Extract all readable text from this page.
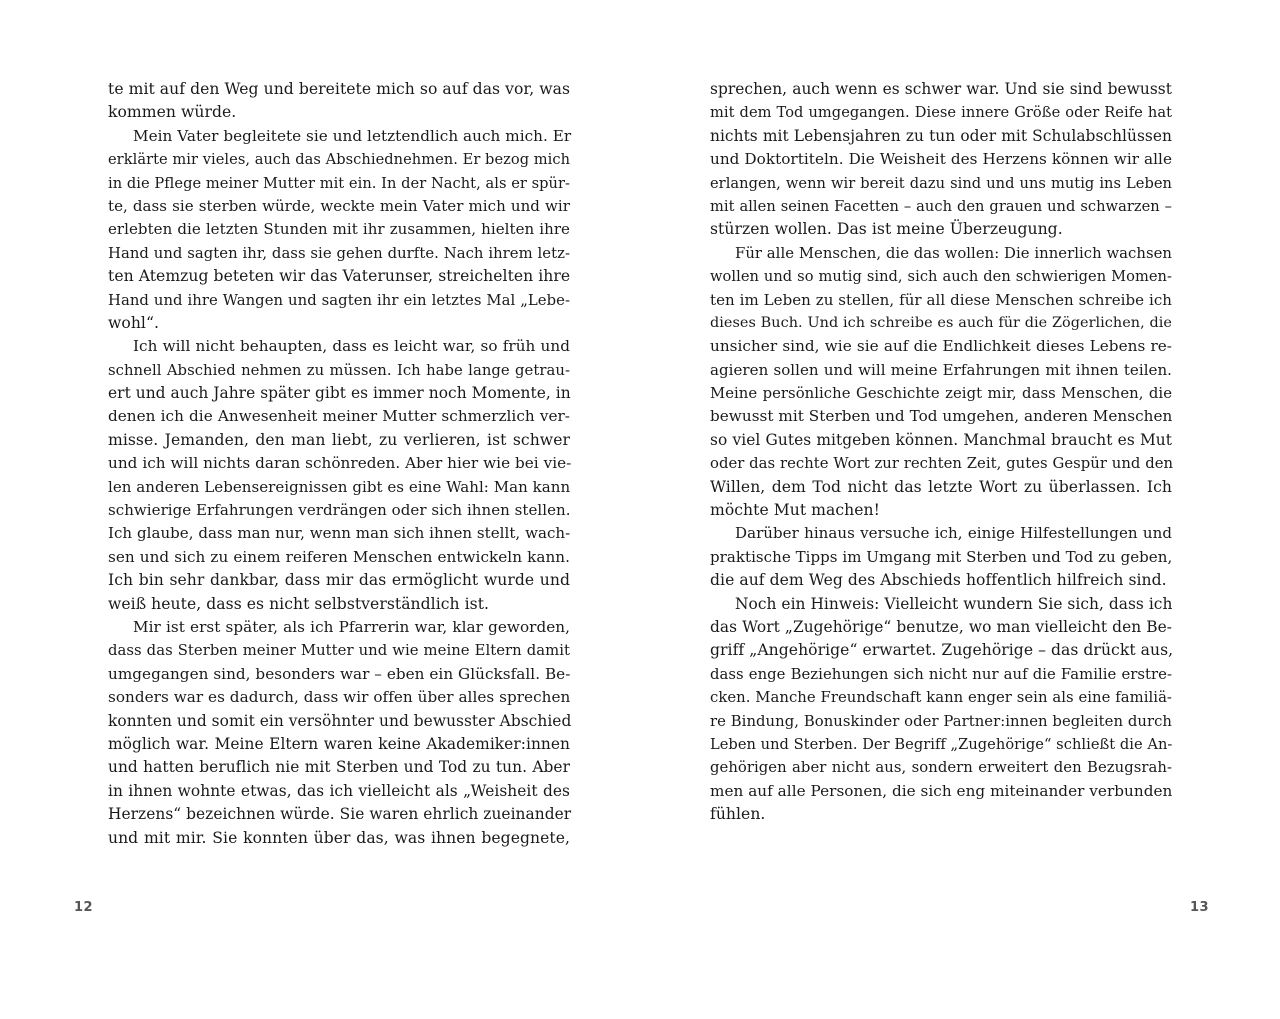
te mit auf den Weg und bereitete mich so auf das vor, was
kommen würde.
Mein Vater begleitete sie und letztendlich auch mich. Er
erklärte mir vieles, auch das Abschiednehmen. Er bezog mich
in die Pflege meiner Mutter mit ein. In der Nacht, als er spür-
te, dass sie sterben würde, weckte mein Vater mich und wir
erlebten die letzten Stunden mit ihr zusammen, hielten ihre
Hand und sagten ihr, dass sie gehen durfte. Nach ihrem letz-
ten Atemzug beteten wir das Vaterunser, streichelten ihre
Hand und ihre Wangen und sagten ihr ein letztes Mal „Lebe-
wohl“.
Ich will nicht behaupten, dass es leicht war, so früh und
schnell Abschied nehmen zu müssen. Ich habe lange getrau-
ert und auch Jahre später gibt es immer noch Momente, in
denen ich die Anwesenheit meiner Mutter schmerzlich ver-
misse. Jemanden, den man liebt, zu verlieren, ist schwer
und ich will nichts daran schönreden. Aber hier wie bei vie-
len anderen Lebensereignissen gibt es eine Wahl: Man kann
schwierige Erfahrungen verdrängen oder sich ihnen stellen.
Ich glaube, dass man nur, wenn man sich ihnen stellt, wach-
sen und sich zu einem reiferen Menschen entwickeln kann.
Ich bin sehr dankbar, dass mir das ermöglicht wurde und
weiß heute, dass es nicht selbstverständlich ist.
Mir ist erst später, als ich Pfarrerin war, klar geworden,
dass das Sterben meiner Mutter und wie meine Eltern damit
umgegangen sind, besonders war – eben ein Glücksfall. Be-
sonders war es dadurch, dass wir offen über alles sprechen
konnten und somit ein versöhnter und bewusster Abschied
möglich war. Meine Eltern waren keine Akademiker:innen
und hatten beruflich nie mit Sterben und Tod zu tun. Aber
in ihnen wohnte etwas, das ich vielleicht als „Weisheit des
Herzens“ bezeichnen würde. Sie waren ehrlich zueinander
und mit mir. Sie konnten über das, was ihnen begegnete,
sprechen, auch wenn es schwer war. Und sie sind bewusst
mit dem Tod umgegangen. Diese innere Größe oder Reife hat
nichts mit Lebensjahren zu tun oder mit Schulabschlüssen
und Doktortiteln. Die Weisheit des Herzens können wir alle
erlangen, wenn wir bereit dazu sind und uns mutig ins Leben
mit allen seinen Facetten – auch den grauen und schwarzen –
stürzen wollen. Das ist meine Überzeugung.
Für alle Menschen, die das wollen: Die innerlich wachsen
wollen und so mutig sind, sich auch den schwierigen Momen-
ten im Leben zu stellen, für all diese Menschen schreibe ich
dieses Buch. Und ich schreibe es auch für die Zögerlichen, die
unsicher sind, wie sie auf die Endlichkeit dieses Lebens re-
agieren sollen und will meine Erfahrungen mit ihnen teilen.
Meine persönliche Geschichte zeigt mir, dass Menschen, die
bewusst mit Sterben und Tod umgehen, anderen Menschen
so viel Gutes mitgeben können. Manchmal braucht es Mut
oder das rechte Wort zur rechten Zeit, gutes Gespür und den
Willen, dem Tod nicht das letzte Wort zu überlassen. Ich
möchte Mut machen!
Darüber hinaus versuche ich, einige Hilfestellungen und
praktische Tipps im Umgang mit Sterben und Tod zu geben,
die auf dem Weg des Abschieds hoffentlich hilfreich sind.
Noch ein Hinweis: Vielleicht wundern Sie sich, dass ich
das Wort „Zugehörige“ benutze, wo man vielleicht den Be-
griff „Angehörige“ erwartet. Zugehörige – das drückt aus,
dass enge Beziehungen sich nicht nur auf die Familie erstre-
cken. Manche Freundschaft kann enger sein als eine familiä-
re Bindung, Bonuskinder oder Partner:innen begleiten durch
Leben und Sterben. Der Begriff „Zugehörige“ schließt die An-
gehörigen aber nicht aus, sondern erweitert den Bezugsrah-
men auf alle Personen, die sich eng miteinander verbunden
fühlen.
12	13
